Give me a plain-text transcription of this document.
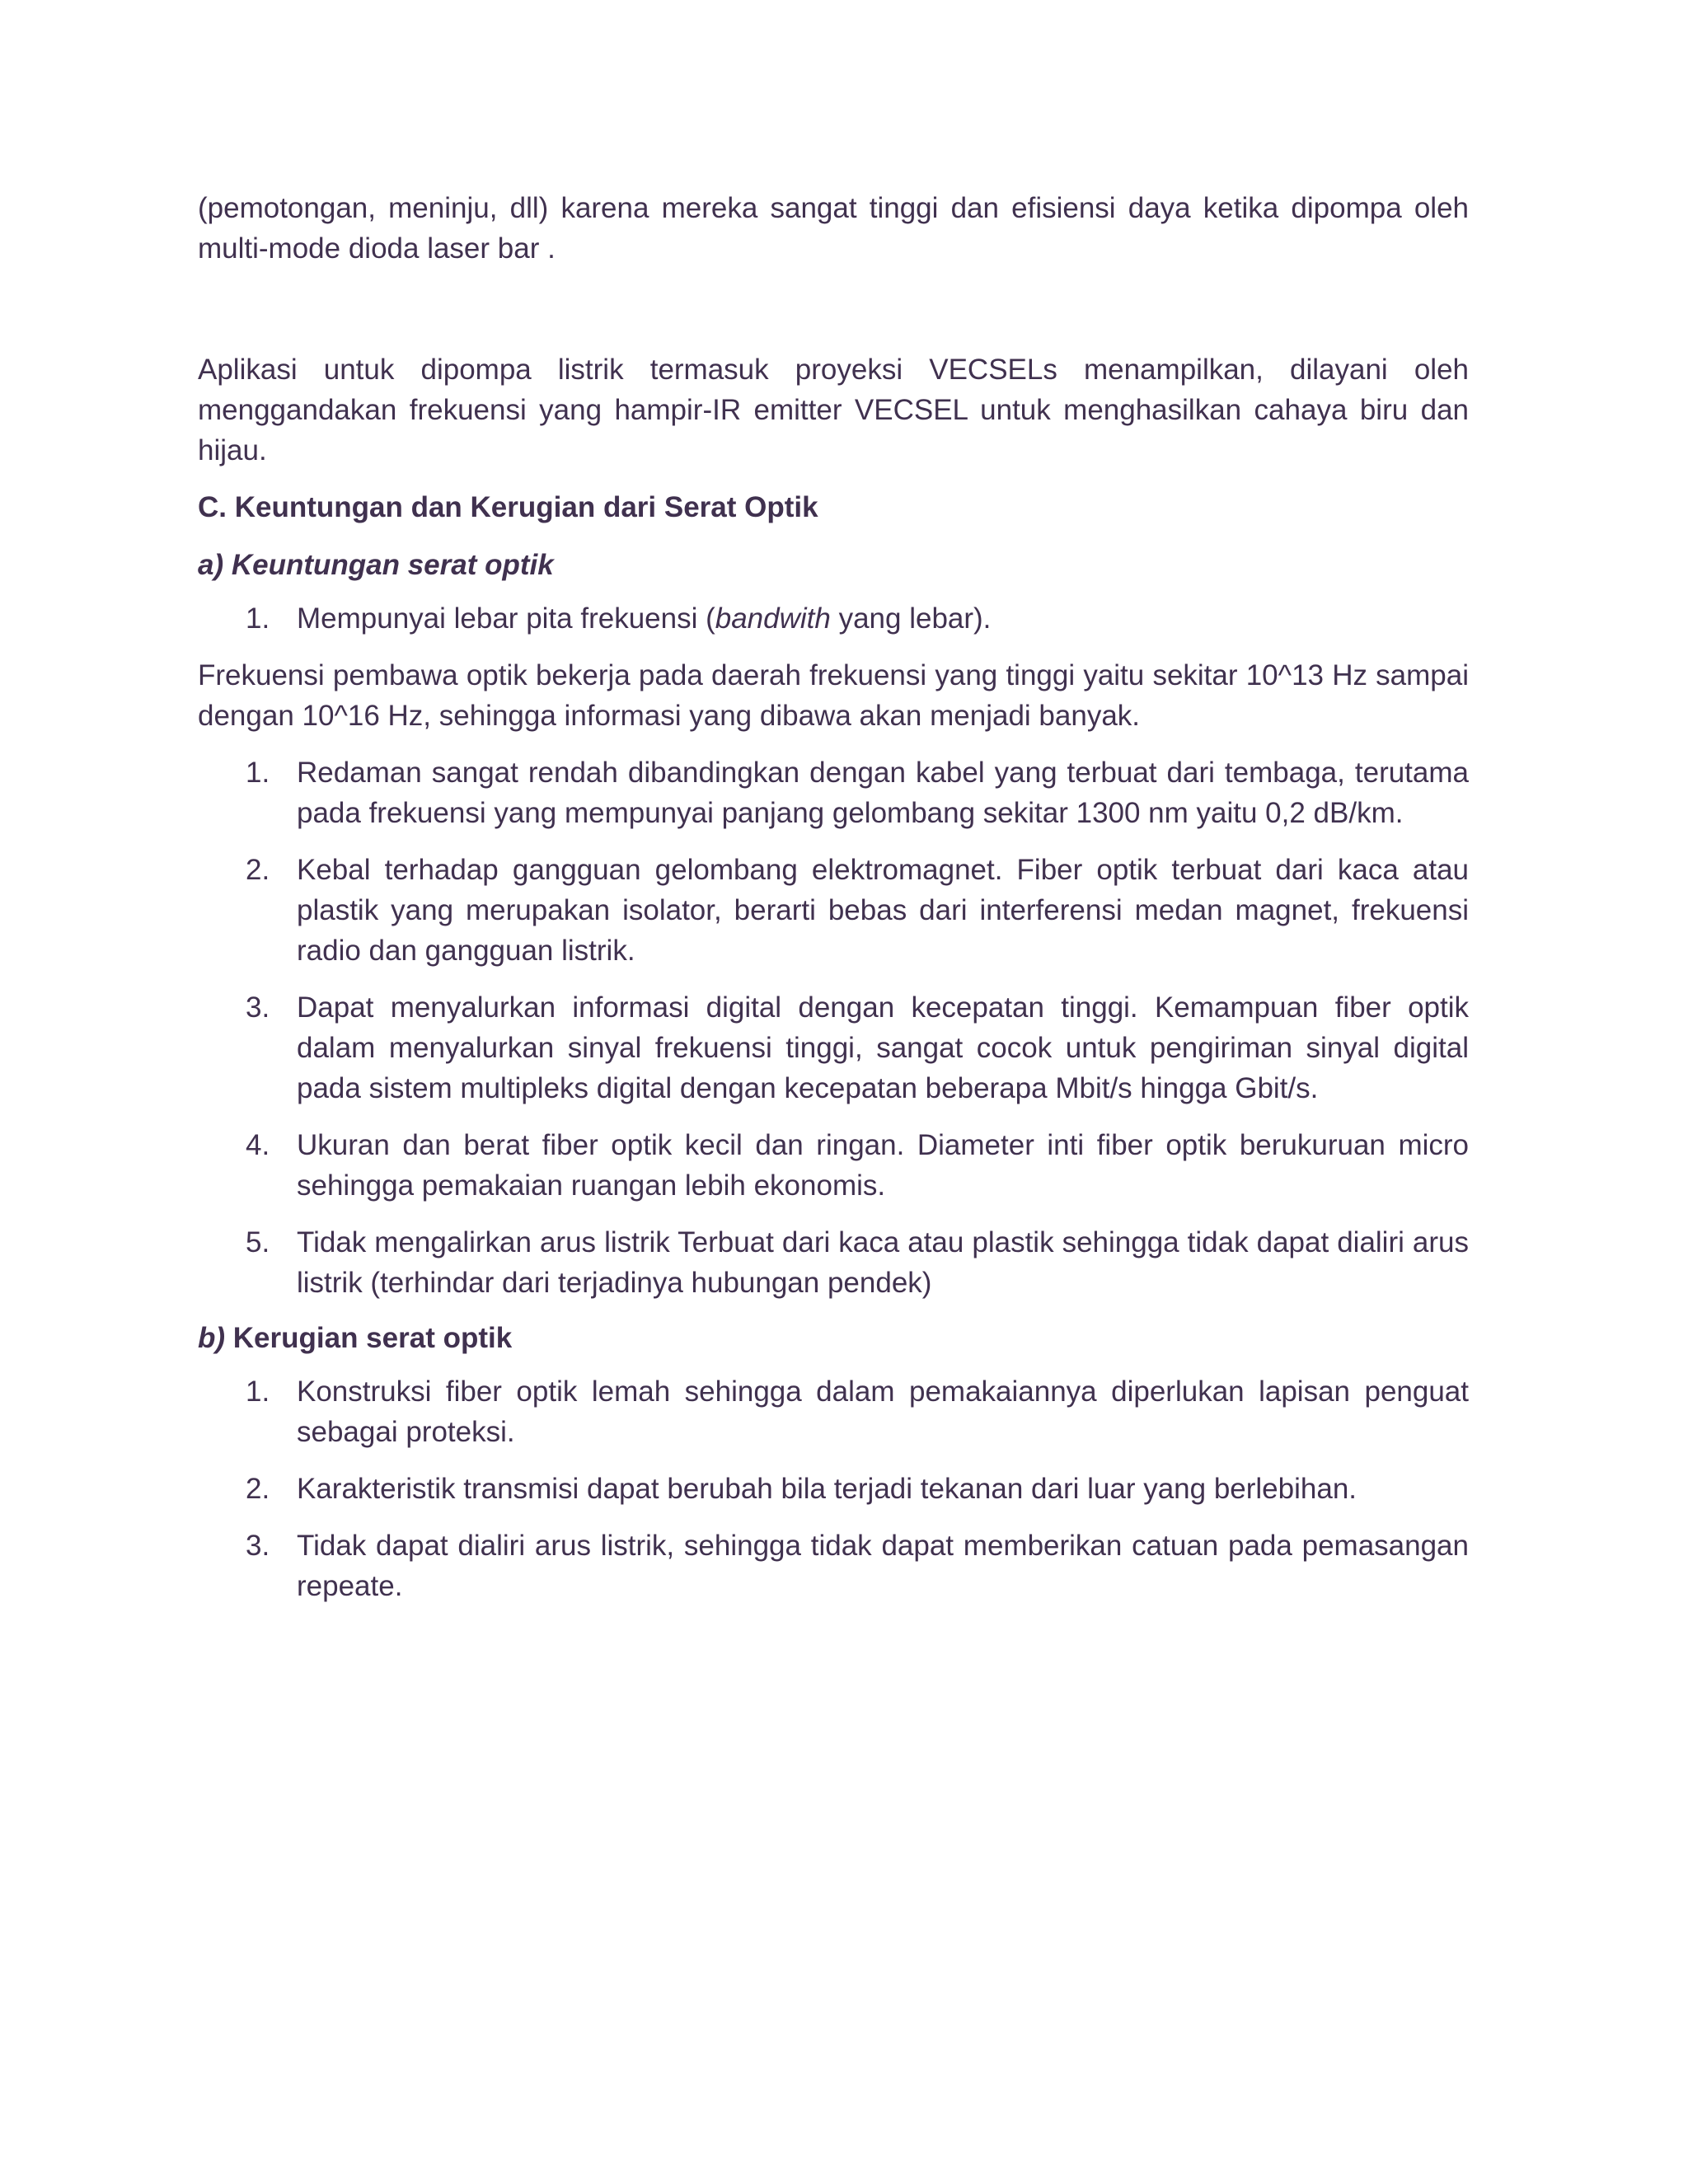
(pemotongan, meninju, dll) karena mereka sangat tinggi dan efisiensi daya ketika dipompa oleh multi-mode dioda laser bar .

Aplikasi untuk dipompa listrik termasuk proyeksi VECSELs menampilkan, dilayani oleh menggandakan frekuensi yang hampir-IR emitter VECSEL untuk menghasilkan cahaya biru dan hijau.

C. Keuntungan dan Kerugian dari Serat Optik
a) Keuntungan serat optik
1. Mempunyai lebar pita frekuensi (bandwith yang lebar).

Frekuensi pembawa optik bekerja pada daerah frekuensi yang tinggi yaitu sekitar 10^13 Hz sampai dengan 10^16 Hz, sehingga informasi yang dibawa akan menjadi banyak.

1. Redaman sangat rendah dibandingkan dengan kabel yang terbuat dari tembaga, terutama pada frekuensi yang mempunyai panjang gelombang sekitar 1300 nm yaitu 0,2 dB/km.
2. Kebal terhadap gangguan gelombang elektromagnet. Fiber optik terbuat dari kaca atau plastik yang merupakan isolator, berarti bebas dari interferensi medan magnet, frekuensi radio dan gangguan listrik.
3. Dapat menyalurkan informasi digital dengan kecepatan tinggi. Kemampuan fiber optik dalam menyalurkan sinyal frekuensi tinggi, sangat cocok untuk pengiriman sinyal digital pada sistem multipleks digital dengan kecepatan beberapa Mbit/s hingga Gbit/s.
4. Ukuran dan berat fiber optik kecil dan ringan. Diameter inti fiber optik berukuruan micro sehingga pemakaian ruangan lebih ekonomis.
5. Tidak mengalirkan arus listrik Terbuat dari kaca atau plastik sehingga tidak dapat dialiri arus listrik (terhindar dari terjadinya hubungan pendek)
b) Kerugian serat optik
1. Konstruksi fiber optik lemah sehingga dalam pemakaiannya diperlukan lapisan penguat sebagai proteksi.
2. Karakteristik transmisi dapat berubah bila terjadi tekanan dari luar yang berlebihan.
3. Tidak dapat dialiri arus listrik, sehingga tidak dapat memberikan catuan pada pemasangan repeate.
